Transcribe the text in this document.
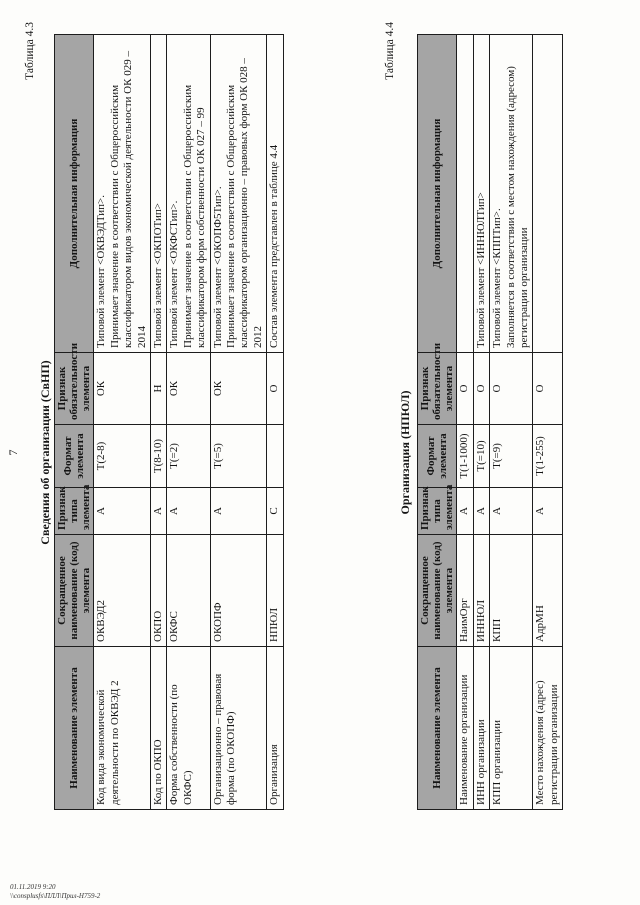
7
Таблица 4.3
Сведения об организации (СвНП)
Наименование элемента	Сокращенное наименование (код) элемента	Признак типа элемента	Формат элемента	Признак обязательности элемента	Дополнительная информация
Код вида экономической деятельности по ОКВЭД 2	ОКВЭД2	А	T(2-8)	ОК	Типовой элемент <ОКВЭДТип>.
Принимает значение в соответствии с Общероссийским классификатором видов экономической деятельности ОК 029 – 2014
Код по ОКПО	ОКПО	А	T(8-10)	Н	Типовой элемент <ОКПОТип>
Форма собственности (по ОКФС)	ОКФС	А	T(=2)	ОК	Типовой элемент <ОКФСТип>.
Принимает значение в соответствии с Общероссийским классификатором форм собственности ОК 027 – 99
Организационно – правовая форма (по ОКОПФ)	ОКОПФ	А	T(=5)	ОК	Типовой элемент <ОКОПФ5Тип>.
Принимает значение в соответствии с Общероссийским классификатором организационно – правовых форм ОК 028 – 2012
Организация	НПЮЛ	С		О	Состав элемента представлен в таблице 4.4
Таблица 4.4
Организация (НПЮЛ)
Наименование элемента	Сокращенное наименование (код) элемента	Признак типа элемента	Формат элемента	Признак обязательности элемента	Дополнительная информация
Наименование организации	НаимОрг	А	T(1-1000)	О	
ИНН организации	ИННЮЛ	А	T(=10)	О	Типовой элемент <ИННЮЛТип>
КПП организации	КПП	А	T(=9)	О	Типовой элемент <КППТип>.
Заполняется в соответствии с местом нахождения (адресом) регистрации организации
Место нахождения (адрес) регистрации организации	АдрМН	А	T(1-255)	О	
01.11.2019 9:20
\\consplusfs\ПЛЛ\Прил-Н759-2
